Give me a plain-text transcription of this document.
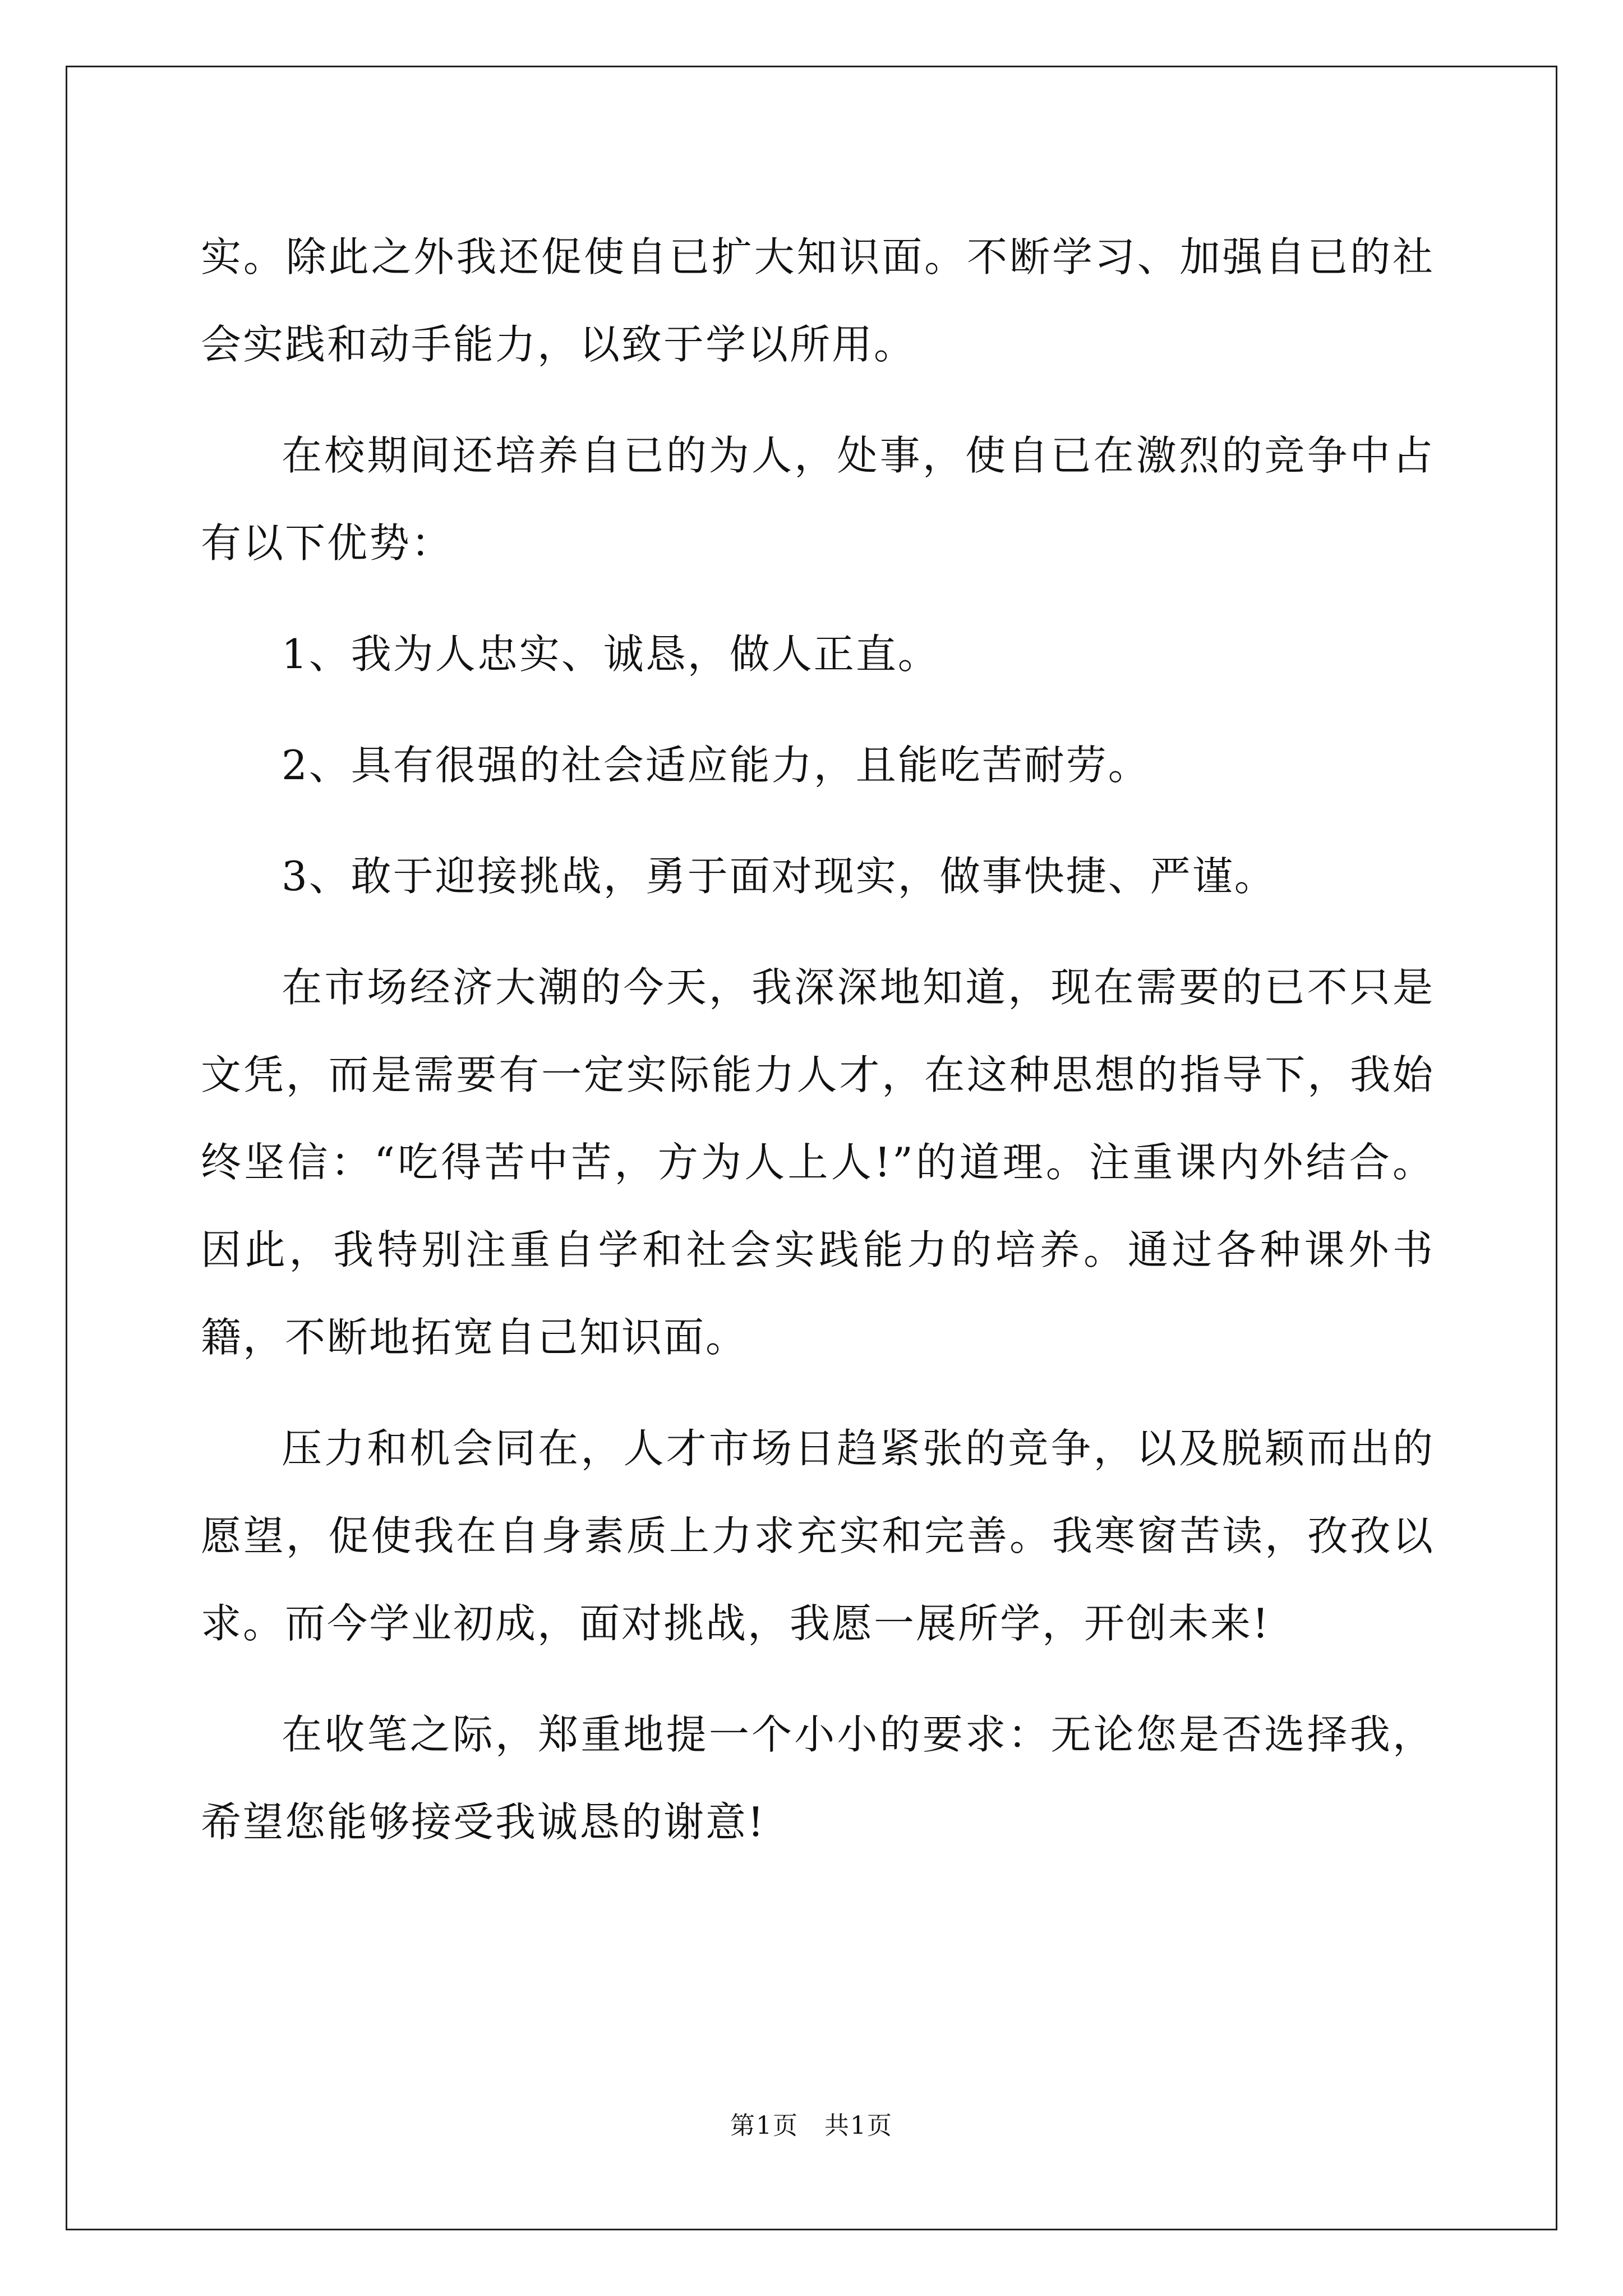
实。除此之外我还促使自已扩大知识面。不断学习、加强自已的社会实践和动手能力，以致于学以所用。

在校期间还培养自已的为人，处事，使自已在激烈的竞争中占有以下优势：

1、我为人忠实、诚恳，做人正直。

2、具有很强的社会适应能力，且能吃苦耐劳。

3、敢于迎接挑战，勇于面对现实，做事快捷、严谨。

在市场经济大潮的今天，我深深地知道，现在需要的已不只是文凭，而是需要有一定实际能力人才，在这种思想的指导下，我始终坚信：“吃得苦中苦，方为人上人!”的道理。注重课内外结合。因此，我特别注重自学和社会实践能力的培养。通过各种课外书籍，不断地拓宽自己知识面。

压力和机会同在，人才市场日趋紧张的竞争，以及脱颖而出的愿望，促使我在自身素质上力求充实和完善。我寒窗苦读，孜孜以求。而今学业初成，面对挑战，我愿一展所学，开创未来!

在收笔之际，郑重地提一个小小的要求：无论您是否选择我，希望您能够接受我诚恳的谢意!

第1页　共1页
